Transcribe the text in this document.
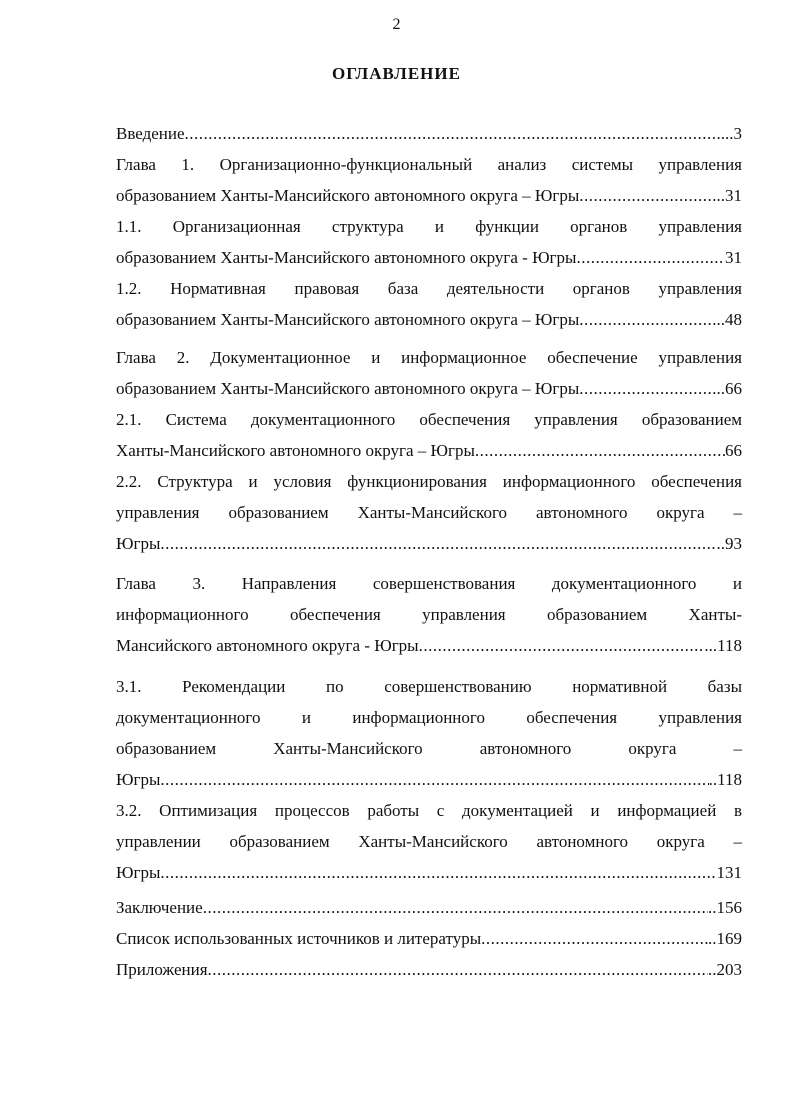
2
ОГЛАВЛЕНИЕ
Введение .....	...3
Глава 1. Организационно-функциональный анализ системы управления
образованием Ханты-Мансийского автономного округа – Югры .....	..31
1.1. Организационная структура и функции органов управления
образованием Ханты-Мансийского автономного округа - Югры .....	31
1.2. Нормативная правовая база деятельности органов управления
образованием Ханты-Мансийского автономного округа – Югры .....	...48
Глава 2. Документационное и информационное обеспечение управления
образованием Ханты-Мансийского автономного округа – Югры .....	...66
2.1. Система документационного обеспечения управления образованием
Ханты-Мансийского автономного округа – Югры .....	66
2.2. Структура и условия функционирования информационного обеспечения
управления образованием Ханты-Мансийского автономного округа –
Югры .....	..93
Глава 3. Направления совершенствования документационного и
информационного обеспечения управления образованием Ханты-
Мансийского автономного округа - Югры .....	...118
3.1. Рекомендации по совершенствованию нормативной базы
документационного и информационного обеспечения управления
образованием Ханты-Мансийского автономного округа –
Югры .....	..118
3.2. Оптимизация процессов работы с документацией и информацией в
управлении образованием Ханты-Мансийского автономного округа –
Югры .....	131
Заключение .....	..156
Список использованных источников и литературы .....	..169
Приложения .....	..203
